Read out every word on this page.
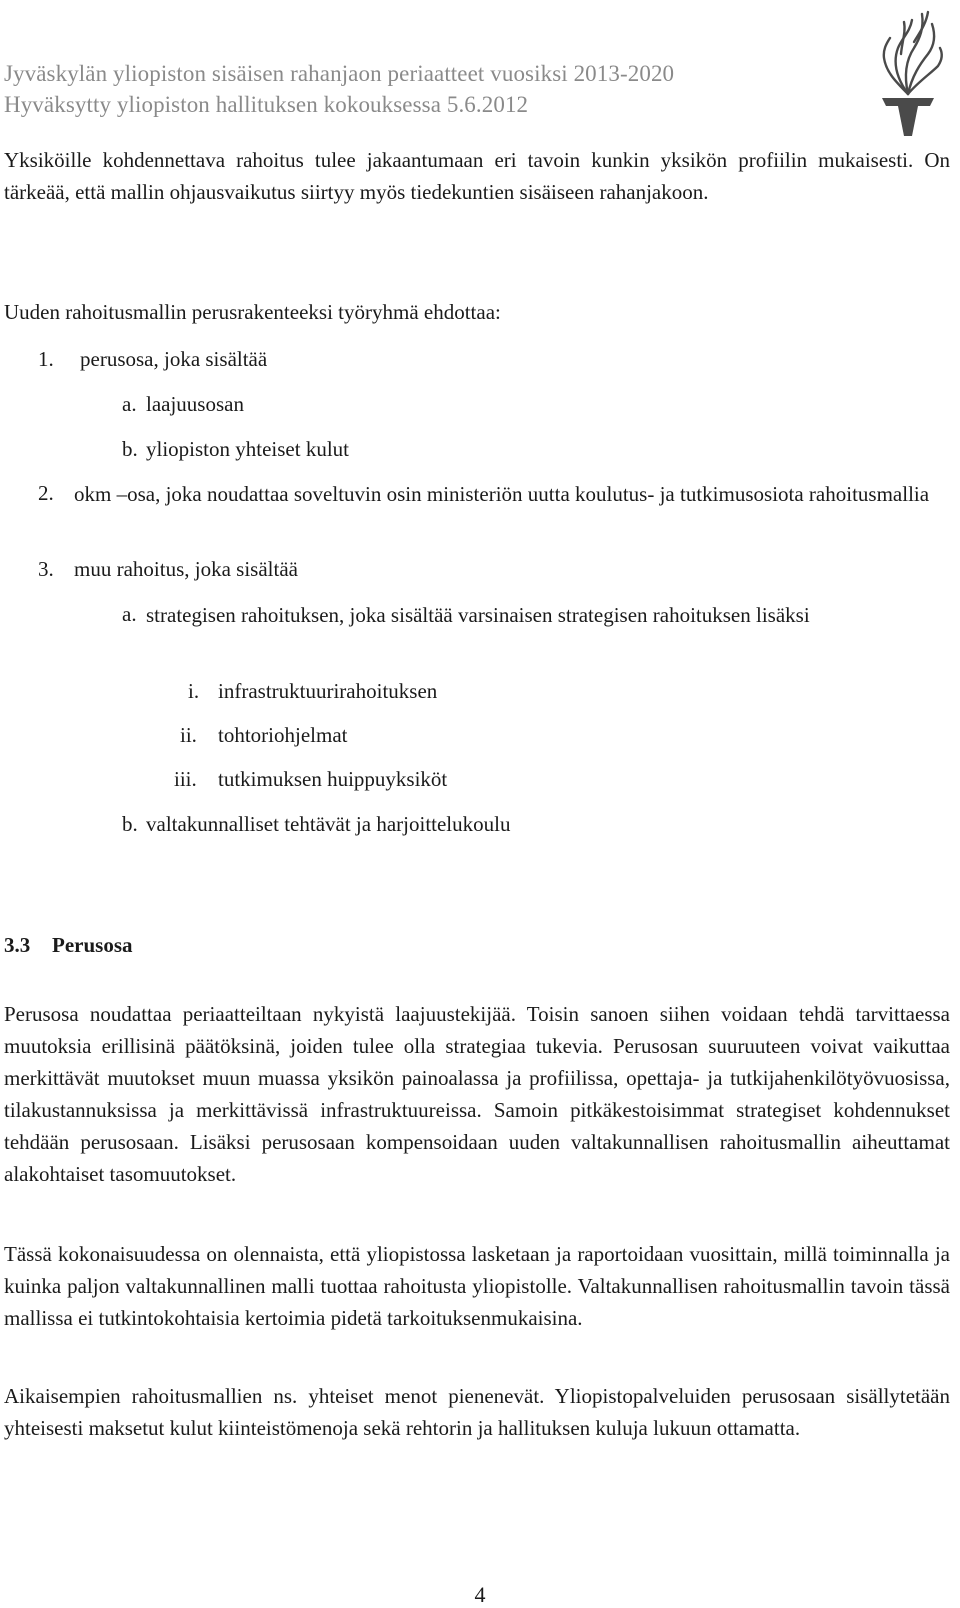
Jyväskylän yliopiston sisäisen rahanjaon periaatteet vuosiksi 2013-2020
Hyväksytty yliopiston hallituksen kokouksessa 5.6.2012

Yksiköille kohdennettava rahoitus tulee jakaantumaan eri tavoin kunkin yksikön profiilin mukaisesti. On tärkeää, että mallin ohjausvaikutus siirtyy myös tiedekuntien sisäiseen rahanjakoon.

Uuden rahoitusmallin perusrakenteeksi työryhmä ehdottaa:
1. perusosa, joka sisältää
a. laajuusosan
b. yliopiston yhteiset kulut
2. okm –osa, joka noudattaa soveltuvin osin ministeriön uutta koulutus- ja tutkimusosiota rahoitusmallia
3. muu rahoitus, joka sisältää
a. strategisen rahoituksen, joka sisältää varsinaisen strategisen rahoituksen lisäksi
i. infrastruktuurirahoituksen
ii. tohtoriohjelmat
iii. tutkimuksen huippuyksiköt
b. valtakunnalliset tehtävät ja harjoittelukoulu
3.3 Perusosa

Perusosa noudattaa periaatteiltaan nykyistä laajuustekijää. Toisin sanoen siihen voidaan tehdä tarvittaessa muutoksia erillisinä päätöksinä, joiden tulee olla strategiaa tukevia. Perusosan suuruuteen voivat vaikuttaa merkittävät muutokset muun muassa yksikön painoalassa ja profiilissa, opettaja- ja tutkijahenkilötyövuosissa, tilakustannuksissa ja merkittävissä infrastruktuureissa. Samoin pitkäkestoisimmat strategiset kohdennukset tehdään perusosaan. Lisäksi perusosaan kompensoidaan uuden valtakunnallisen rahoitusmallin aiheuttamat alakohtaiset tasomuutokset.

Tässä kokonaisuudessa on olennaista, että yliopistossa lasketaan ja raportoidaan vuosittain, millä toiminnalla ja kuinka paljon valtakunnallinen malli tuottaa rahoitusta yliopistolle. Valtakunnallisen rahoitusmallin tavoin tässä mallissa ei tutkintokohtaisia kertoimia pidetä tarkoituksenmukaisina.

Aikaisempien rahoitusmallien ns. yhteiset menot pienenevät. Yliopistopalveluiden perusosaan sisällytetään yhteisesti maksetut kulut kiinteistömenoja sekä rehtorin ja hallituksen kuluja lukuun ottamatta.

4
